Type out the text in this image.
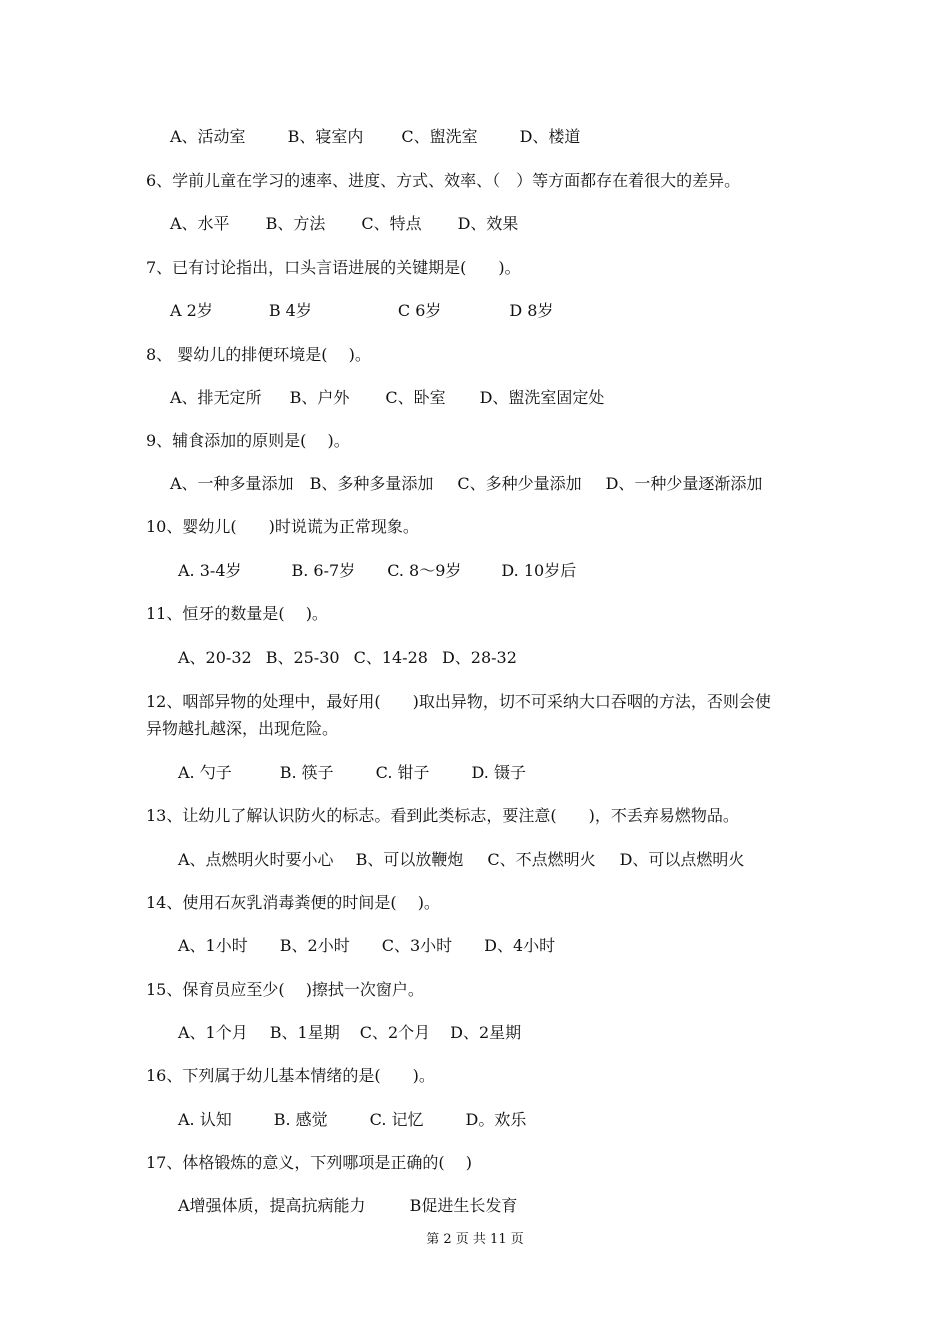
A、活动室	B、寝室内 C、盥洗室	D、楼道
6、学前儿童在学习的速率、进度、方式、效率、（　）等方面都存在着很大的差异。
A、水平 B、方法 C、特点 D、效果
7、已有讨论指出，口头言语进展的关键期是(　　)。
A 2岁	B 4岁	C 6岁	D 8岁
8、 婴幼儿的排便环境是(　 )。
A、排无定所 B、户外 C、卧室 D、盥洗室固定处
9、辅食添加的原则是(　 )。
A、一种多量添加 B、多种多量添加 C、多种少量添加 D、一种少量逐渐添加
10、婴幼儿(　　)时说谎为正常现象。
A. 3-4岁	B. 6-7岁 C. 8～9岁	D. 10岁后
11、恒牙的数量是(　 )。
A、20-32 B、25-30 C、14-28 D、28-32
12、咽部异物的处理中，最好用(　　)取出异物，切不可采纳大口吞咽的方法，否则会使
异物越扎越深，出现危险。
A. 勺子	B. 筷子	C. 钳子	D. 镊子
13、让幼儿了解认识防火的标志。看到此类标志，要注意(　　)，不丢弃易燃物品。
A、点燃明火时要小心 B、可以放鞭炮 C、不点燃明火 D、可以点燃明火
14、使用石灰乳消毒粪便的时间是(　 )。
A、1小时 B、2小时 C、3小时 D、4小时
15、保育员应至少(　 )擦拭一次窗户。
A、1个月 B、1星期 C、2个月 D、2星期
16、下列属于幼儿基本情绪的是(　　)。
A. 认知	B. 感觉	C. 记忆	D。欢乐
17、体格锻炼的意义，下列哪项是正确的(　 )
A增强体质，提高抗病能力	B促进生长发育
第 2 页 共 11 页
